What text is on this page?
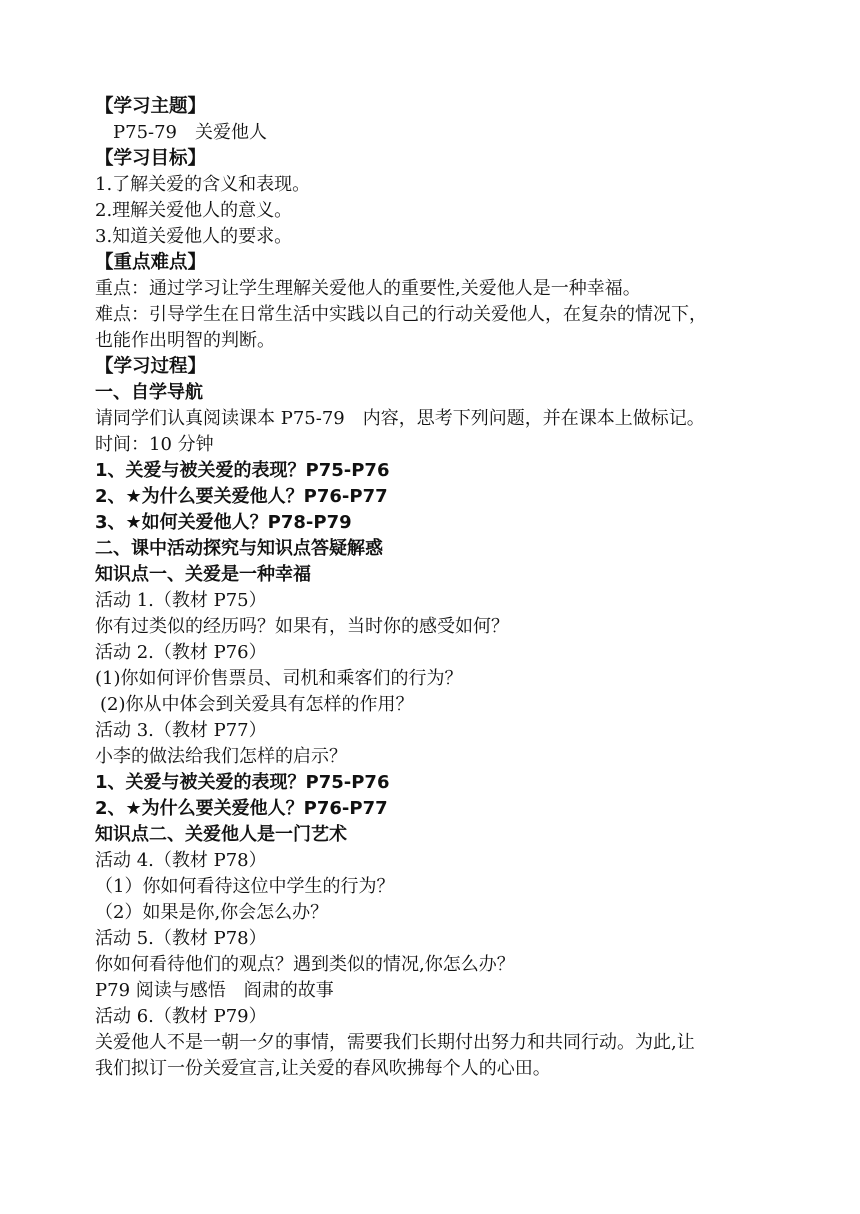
【学习主题】
P75-79　关爱他人
【学习目标】
1.了解关爱的含义和表现。
2.理解关爱他人的意义。
3.知道关爱他人的要求。
【重点难点】
重点：通过学习让学生理解关爱他人的重要性,关爱他人是一种幸福。
难点：引导学生在日常生活中实践以自己的行动关爱他人，在复杂的情况下，
也能作出明智的判断。
【学习过程】
一、自学导航
请同学们认真阅读课本 P75-79　内容，思考下列问题，并在课本上做标记。
时间：10 分钟
1、关爱与被关爱的表现？P75-P76
2、★为什么要关爱他人？P76-P77
3、★如何关爱他人？P78-P79
二、课中活动探究与知识点答疑解惑
知识点一、关爱是一种幸福
活动 1.（教材 P75）
你有过类似的经历吗？如果有，当时你的感受如何？
活动 2.（教材 P76）
(1)你如何评价售票员、司机和乘客们的行为？
(2)你从中体会到关爱具有怎样的作用？
活动 3.（教材 P77）
小李的做法给我们怎样的启示？
1、关爱与被关爱的表现？P75-P76
2、★为什么要关爱他人？P76-P77
知识点二、关爱他人是一门艺术
活动 4.（教材 P78）
（1）你如何看待这位中学生的行为？
（2）如果是你,你会怎么办？
活动 5.（教材 P78）
你如何看待他们的观点？遇到类似的情况,你怎么办？
P79 阅读与感悟　阎肃的故事
活动 6.（教材 P79）
关爱他人不是一朝一夕的事情，需要我们长期付出努力和共同行动。为此,让
我们拟订一份关爱宣言,让关爱的春风吹拂每个人的心田。
